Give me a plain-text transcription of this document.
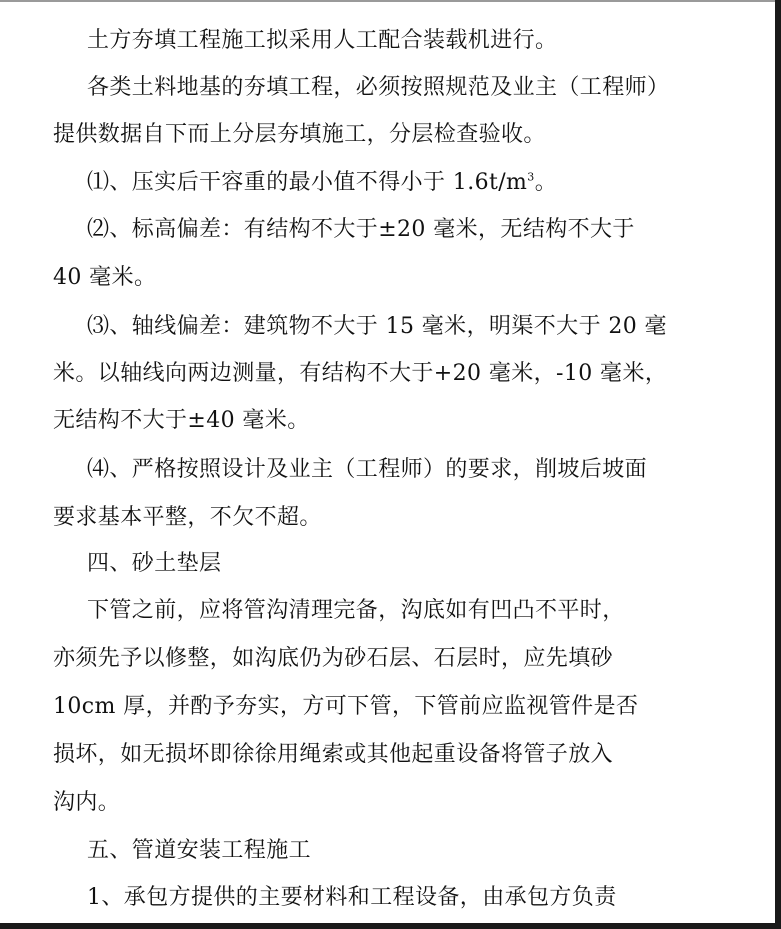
土方夯填工程施工拟采用人工配合装载机进行。
各类土料地基的夯填工程，必须按照规范及业主（工程师）
提供数据自下而上分层夯填施工，分层检查验收。
⑴、压实后干容重的最小值不得小于 $1.6t/m^3$。
⑵、标高偏差：有结构不大于±20 毫米，无结构不大于
40 毫米。
⑶、轴线偏差：建筑物不大于 15 毫米，明渠不大于 20 毫
米。以轴线向两边测量，有结构不大于+20 毫米，-10 毫米，
无结构不大于±40 毫米。
⑷、严格按照设计及业主（工程师）的要求，削坡后坡面
要求基本平整，不欠不超。
四、砂土垫层
下管之前，应将管沟清理完备，沟底如有凹凸不平时，
亦须先予以修整，如沟底仍为砂石层、石层时，应先填砂
10cm 厚，并酌予夯实，方可下管，下管前应监视管件是否
损坏，如无损坏即徐徐用绳索或其他起重设备将管子放入
沟内。
五、管道安装工程施工
1、承包方提供的主要材料和工程设备，由承包方负责
